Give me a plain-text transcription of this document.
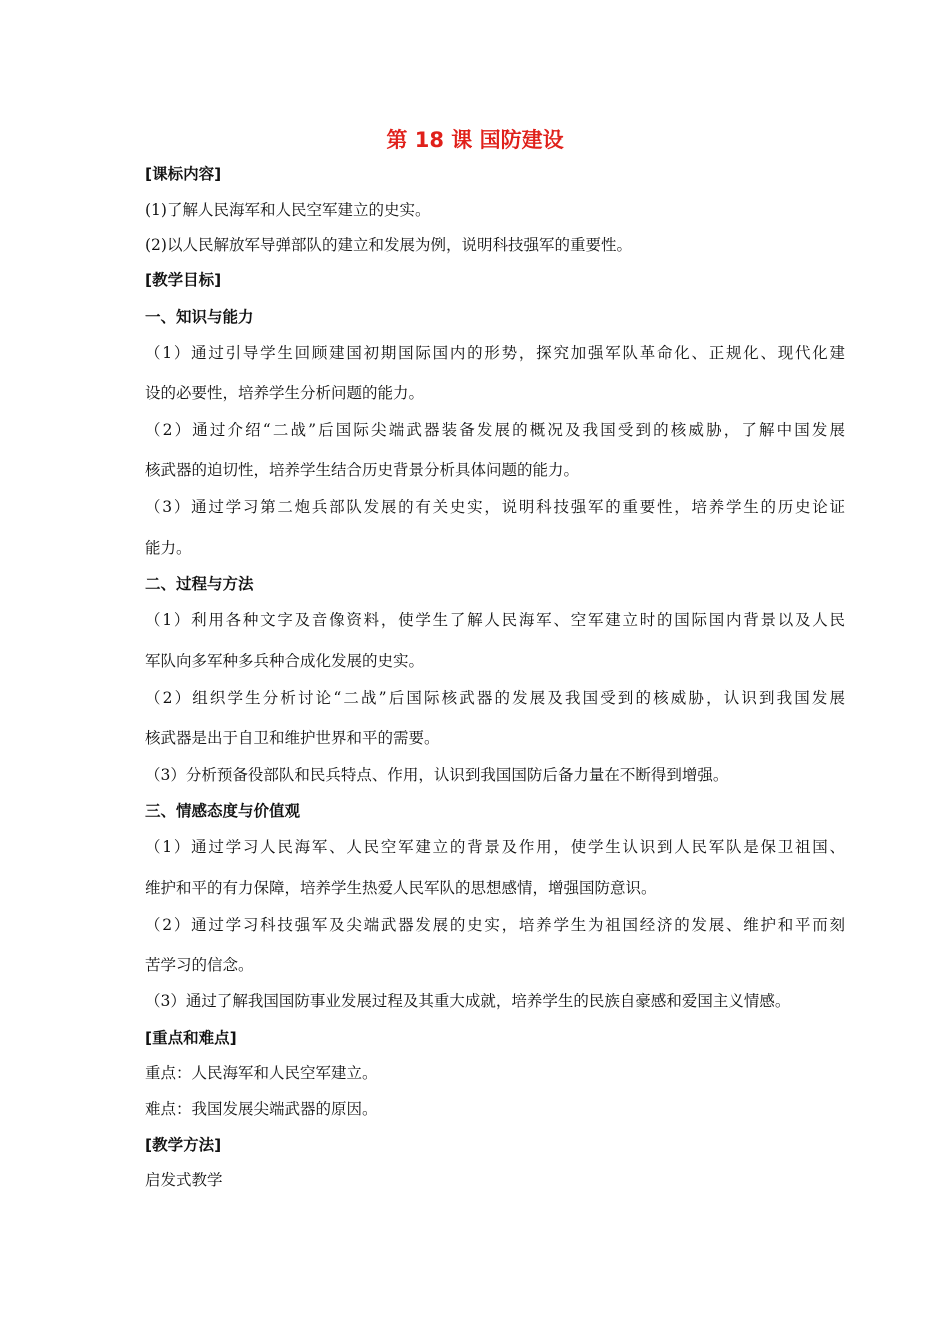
第 18 课 国防建设
[课标内容]
(1)了解人民海军和人民空军建立的史实。
(2)以人民解放军导弹部队的建立和发展为例，说明科技强军的重要性。
[教学目标]
一、知识与能力
（1）通过引导学生回顾建国初期国际国内的形势，探究加强军队革命化、正规化、现代化建
设的必要性，培养学生分析问题的能力。
（2）通过介绍“二战”后国际尖端武器装备发展的概况及我国受到的核威胁，了解中国发展
核武器的迫切性，培养学生结合历史背景分析具体问题的能力。
（3）通过学习第二炮兵部队发展的有关史实，说明科技强军的重要性，培养学生的历史论证
能力。
二、过程与方法
（1）利用各种文字及音像资料，使学生了解人民海军、空军建立时的国际国内背景以及人民
军队向多军种多兵种合成化发展的史实。
（2）组织学生分析讨论“二战”后国际核武器的发展及我国受到的核威胁，认识到我国发展
核武器是出于自卫和维护世界和平的需要。
（3）分析预备役部队和民兵特点、作用，认识到我国国防后备力量在不断得到增强。
三、情感态度与价值观
（1）通过学习人民海军、人民空军建立的背景及作用，使学生认识到人民军队是保卫祖国、
维护和平的有力保障，培养学生热爱人民军队的思想感情，增强国防意识。
（2）通过学习科技强军及尖端武器发展的史实，培养学生为祖国经济的发展、维护和平而刻
苦学习的信念。
（3）通过了解我国国防事业发展过程及其重大成就，培养学生的民族自豪感和爱国主义情感。
[重点和难点]
重点：人民海军和人民空军建立。
难点：我国发展尖端武器的原因。
[教学方法]
启发式教学
